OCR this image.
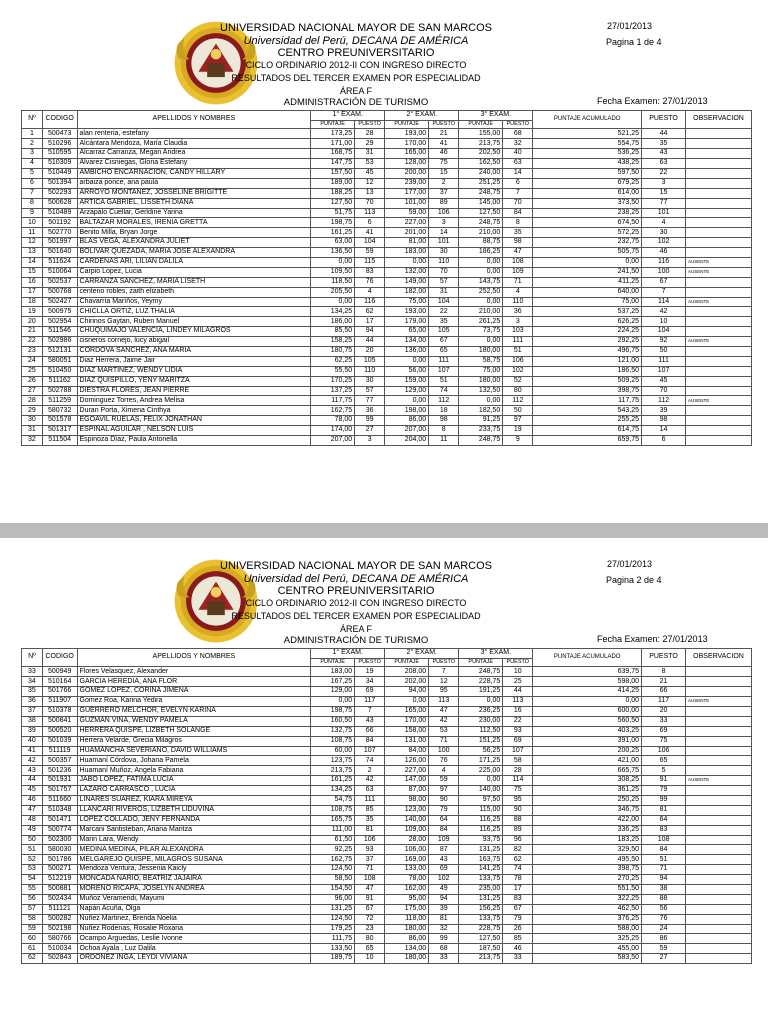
UNIVERSIDAD NACIONAL MAYOR DE SAN MARCOS
Universidad del Perú, DECANA DE AMÉRICA
CENTRO PREUNIVERSITARIO
CICLO ORDINARIO 2012-II CON INGRESO DIRECTO
RESULTADOS DEL TERCER EXAMEN POR ESPECIALIDAD
ÁREA F
ADMINISTRACIÓN DE TURISMO
27/01/2013
Pagina 1 de 4
Fecha Examen: 27/01/2013
Nº	CODIGO	APELLIDOS Y NOMBRES	1° EXAM.		2° EXAM.		3° EXAM.		PUNTAJE ACUMULADO	PUESTO	OBSERVACION
			PUNTAJE	PUESTO	PUNTAJE	PUESTO	PUNTAJE	PUESTO			
1	500473	alan renteria, estefany	173,25	28	193,00	21	155,00	68	521,25	44	
2	510296	Alcántara Mendoza, María Claudia	171,00	29	170,00	41	213,75	32	554,75	35	
3	510595	Alcarraz Carranza, Megan Andrea	168,75	31	165,00	46	202,50	40	536,25	43	
4	510309	Alvarez Cisniegas, Gloria Estefany	147,75	53	128,00	75	162,50	63	438,25	63	
5	510449	AMBICHO ENCARNACION, CANDY HILLARY	157,50	45	200,00	15	240,00	14	597,50	22	
6	501394	arbaiza ponce, ana paula	189,00	12	239,00	2	251,25	6	679,25	3	
7	502293	ARROYO MONTAÑEZ, JOSSELINE BRIGITTE	188,25	13	177,00	37	248,75	7	614,00	15	
8	500628	ARTICA GABRIEL, LISSETH DIANA	127,50	70	101,00	89	145,00	70	373,50	77	
9	510489	Arzapalo Cuellar, Gerldine Yarina	51,75	113	59,00	106	127,50	84	238,25	101	
10	501192	BALTAZAR MORALES, IRENIA GRETTA	198,75	6	227,00	3	248,75	8	674,50	4	
11	502770	Benito Milla, Bryan Jorge	161,25	41	201,00	14	210,00	35	572,25	30	
12	501997	BLAS VEGA, ALEXANDRA JULIET	63,00	104	81,00	101	88,75	98	232,75	102	
13	501640	BOLIVAR QUEZADA, MARIA JOSE ALEXANDRA	136,50	59	183,00	30	186,25	47	505,75	46	
14	511624	CARDENAS ARI, LILIAN DALILA	0,00	115	0,00	110	0,00	108	0,00	116	AUSENTE
15	510064	Carpio Lopez, Lucia	109,50	83	132,00	70	0,00	109	241,50	100	AUSENTE
16	502537	CARRANZA SÁNCHEZ, MARÍA LISETH	118,50	76	149,00	57	143,75	71	411,25	67	
17	500768	centeno robles, zaith elizabeth	205,50	4	182,00	31	252,50	4	640,00	7	
18	502427	Chavarría Maríños, Yeymy	0,00	116	75,00	104	0,00	110	75,00	114	AUSENTE
19	500975	CHICLLA ORTIZ, LUZ THALIA	134,25	62	193,00	22	210,00	36	537,25	42	
20	502954	Chirinos Gaytan, Ruben Manuel	186,00	17	179,00	35	261,25	3	626,25	10	
21	511546	CHUQUIMAJO VALENCIA, LINDEY MILAGROS	85,50	94	65,00	105	73,75	103	224,25	104	
22	502986	cisneros cornejo, lucy abigail	158,25	44	134,00	67	0,00	111	292,25	92	AUSENTE
23	512131	CÓRDOVA SÁNCHEZ, ANA MARÍA	180,75	20	136,00	65	180,00	51	496,75	50	
24	580051	Diaz Herrera, Jaime Jair	62,25	105	0,00	111	58,75	106	121,00	111	
25	510450	DIAZ MARTINEZ, WENDY LIDIA	55,50	110	56,00	107	75,00	102	186,50	107	
26	511162	DIAZ QUISPILLO, YENY MARITZA	170,25	30	159,00	51	180,00	52	509,25	45	
27	502788	DIESTRA FLORES, JEAN PIERRE	137,25	57	129,00	74	132,50	80	398,75	70	
28	511259	Dominguez Torres, Andrea Melisa	117,75	77	0,00	112	0,00	112	117,75	112	AUSENTE
29	580732	Duran Porta, Ximena Cinthya	162,75	36	198,00	18	182,50	50	543,25	39	
30	501578	EGOAVIL RUELAS, FELIX JONATHAN	78,00	99	86,00	98	91,25	97	255,25	98	
31	501317	ESPINAL AGUILAR , NELSON LUIS	174,00	27	207,00	8	233,75	19	614,75	14	
32	511504	Espinoza Díaz, Paula Antonella	207,00	3	204,00	11	248,75	9	659,75	6	
UNIVERSIDAD NACIONAL MAYOR DE SAN MARCOS
Universidad del Perú, DECANA DE AMÉRICA
CENTRO PREUNIVERSITARIO
CICLO ORDINARIO 2012-II CON INGRESO DIRECTO
RESULTADOS DEL TERCER EXAMEN POR ESPECIALIDAD
ÁREA F
ADMINISTRACIÓN DE TURISMO
27/01/2013
Pagina 2 de 4
Fecha Examen: 27/01/2013
Nº	CODIGO	APELLIDOS Y NOMBRES	1° EXAM.		2° EXAM.		3° EXAM.		PUNTAJE ACUMULADO	PUESTO	OBSERVACION
			PUNTAJE	PUESTO	PUNTAJE	PUESTO	PUNTAJE	PUESTO			
33	500949	Flores Velasquez, Alexander	183,00	19	208,00	7	248,75	10	639,75	8	
34	510164	GARCIA HEREDIA, ANA FLOR	167,25	34	202,00	12	228,75	25	598,00	21	
35	501766	GOMEZ LOPEZ, CORINA JIMENA	129,00	69	94,00	95	191,25	44	414,25	66	
36	511907	Gomez Roa, Karina Yedira	0,00	117	0,00	113	0,00	113	0,00	117	AUSENTE
37	510378	GUERRERO MELCHOR, EVELYN KARINA	198,75	7	165,00	47	236,25	16	600,00	20	
38	500841	GUZMAN VIÑA, WENDY PAMELA	160,50	43	170,00	42	230,00	22	560,50	33	
39	500520	HERRERA QUISPE, LIZBETH SOLANGE	132,75	66	158,00	53	112,50	93	403,25	69	
40	501039	Herrera Velarde, Grecia Milagros	108,75	84	131,00	71	151,25	69	391,00	75	
41	511119	HUAMANCHA SEVERIANO, DAVID WILLIAMS	60,00	107	84,00	100	56,25	107	200,25	106	
42	500357	Huamaní Córdova, Johana Pamela	123,75	74	126,00	76	171,25	58	421,00	65	
43	501236	Huamaní Muñoz, Angela Fabiana	213,75	2	227,00	4	225,00	28	665,75	5	
44	501931	JABO LOPEZ, FATIMA LUCIA	161,25	42	147,00	59	0,00	114	308,25	91	AUSENTE
45	501757	LAZARO CARRASCO , LUCIA	134,25	63	87,00	97	140,00	75	361,25	79	
46	511660	LINARES SUAREZ, KIARA MIREYA	54,75	111	98,00	90	97,50	95	250,25	99	
47	510348	LLANCARI RIVEROS, LIZBETH LIDUVINA	108,75	85	123,00	79	115,00	90	346,75	81	
48	501471	LOPEZ COLLADO, JENY FERNANDA	165,75	35	140,00	64	116,25	88	422,00	64	
49	500774	Marcani Santisteban, Ariana Maritza	111,00	81	109,00	84	116,25	89	336,25	83	
50	502300	Marin Lara, Wendy	61,50	106	28,00	109	93,75	96	183,25	108	
51	580030	MEDINA MEDINA, PILAR ALEXANDRA	92,25	93	106,00	87	131,25	82	329,50	84	
52	501786	MELGAREJO QUISPE, MILAGROS SUSANA	162,75	37	169,00	43	163,75	62	495,50	51	
53	500271	Mendoza Ventura, Jessenia Kaicly	124,50	71	133,00	69	141,25	74	398,75	71	
54	512219	MONCADA NARIO, BEATRIZ JAJAIRA	58,50	108	78,00	102	133,75	78	270,25	94	
55	500881	MORENO RICAPA, JOSELYN ANDREA	154,50	47	162,00	49	235,00	17	551,50	38	
56	502434	Muñoz Veramendi, Mayumi	96,00	91	95,00	94	131,25	83	322,25	88	
57	511121	Napán Acuña, Olga	131,25	67	175,00	39	156,25	67	462,50	56	
58	500282	Nuñez Martinez, Brenda Noelia	124,50	72	118,00	81	133,75	79	376,25	76	
59	502198	Nuñez Rodenas, Rosalie Roxana	179,25	23	180,00	32	228,75	26	588,00	24	
60	580766	Ocampo Arguedas, Leslie Ivonne	111,75	80	86,00	99	127,50	85	325,25	86	
61	510034	Ochoa Ayala , Luz Dalila	133,50	65	134,00	68	187,50	46	455,00	59	
62	502843	ORDOÑEZ INGA, LEYDI VIVIANA	189,75	10	180,00	33	213,75	33	583,50	27	
